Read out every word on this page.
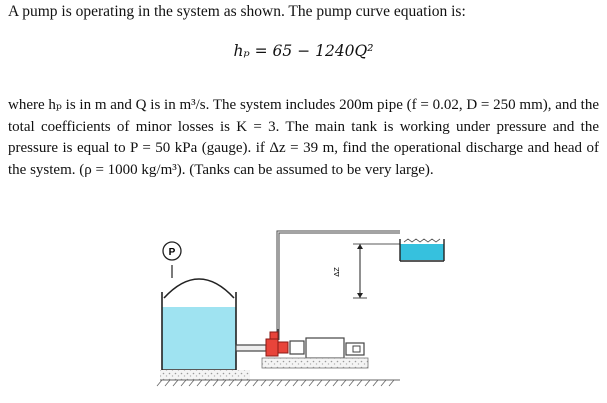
A pump is operating in the system as shown. The pump curve equation is:
hₚ = 65 − 1240Q²

where hₚ is in m and Q is in m³/s. The system includes 200m pipe (f = 0.02, D = 250 mm), and the total coefficients of minor losses is K = 3. The main tank is working under pressure and the pressure is equal to P = 50 kPa (gauge). if Δz = 39 m, find the operational discharge and head of the system. (ρ = 1000 kg/m³). (Tanks can be assumed to be very large).

P
ΔZ
